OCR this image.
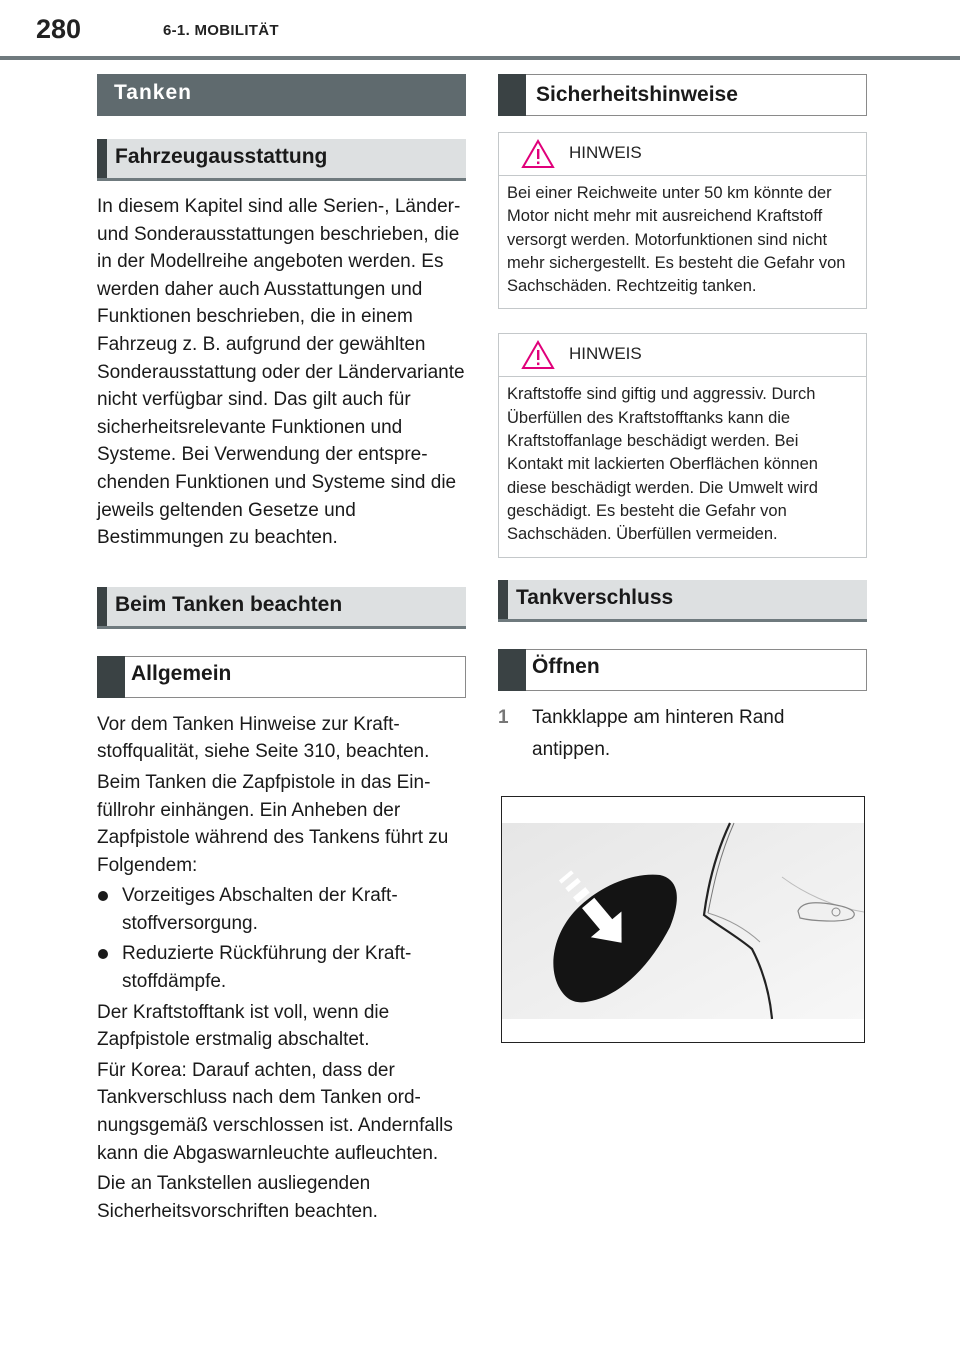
280	6-1. MOBILITÄT
Tanken
Fahrzeugausstattung

In diesem Kapitel sind alle Serien-, Länder- und Sonderausstattungen beschrieben, die in der Modellreihe angeboten werden. Es werden daher auch Ausstattungen und Funktionen beschrieben, die in einem Fahrzeug z. B. aufgrund der gewählten Sonderausstattung oder der Ländervariante nicht verfügbar sind. Das gilt auch für sicherheitsrelevante Funktionen und Systeme. Bei Verwendung der entsprechenden Funktionen und Systeme sind die jeweils geltenden Gesetze und Bestimmungen zu beachten.

Beim Tanken beachten
Allgemein

Vor dem Tanken Hinweise zur Kraftstoffqualität, siehe Seite 310, beachten.

Beim Tanken die Zapfpistole in das Einfüllrohr einhängen. Ein Anheben der Zapfpistole während des Tankens führt zu Folgendem:

Vorzeitiges Abschalten der Kraftstoffversorgung.
Reduzierte Rückführung der Kraftstoffdämpfe.

Der Kraftstofftank ist voll, wenn die Zapfpistole erstmalig abschaltet.

Für Korea: Darauf achten, dass der Tankverschluss nach dem Tanken ordnungsgemäß verschlossen ist. Andernfalls kann die Abgaswarnleuchte aufleuchten.

Die an Tankstellen ausliegenden Sicherheitsvorschriften beachten.

Sicherheitshinweise
HINWEIS
Bei einer Reichweite unter 50 km könnte der Motor nicht mehr mit ausreichend Kraftstoff versorgt werden. Motorfunktionen sind nicht mehr sichergestellt. Es besteht die Gefahr von Sachschäden. Rechtzeitig tanken.
HINWEIS
Kraftstoffe sind giftig und aggressiv. Durch Überfüllen des Kraftstofftanks kann die Kraftstoffanlage beschädigt werden. Bei Kontakt mit lackierten Oberflächen können diese beschädigt werden. Die Umwelt wird geschädigt. Es besteht die Gefahr von Sachschäden. Überfüllen vermeiden.
Tankverschluss
Öffnen
1 Tankklappe am hinteren Rand antippen.
